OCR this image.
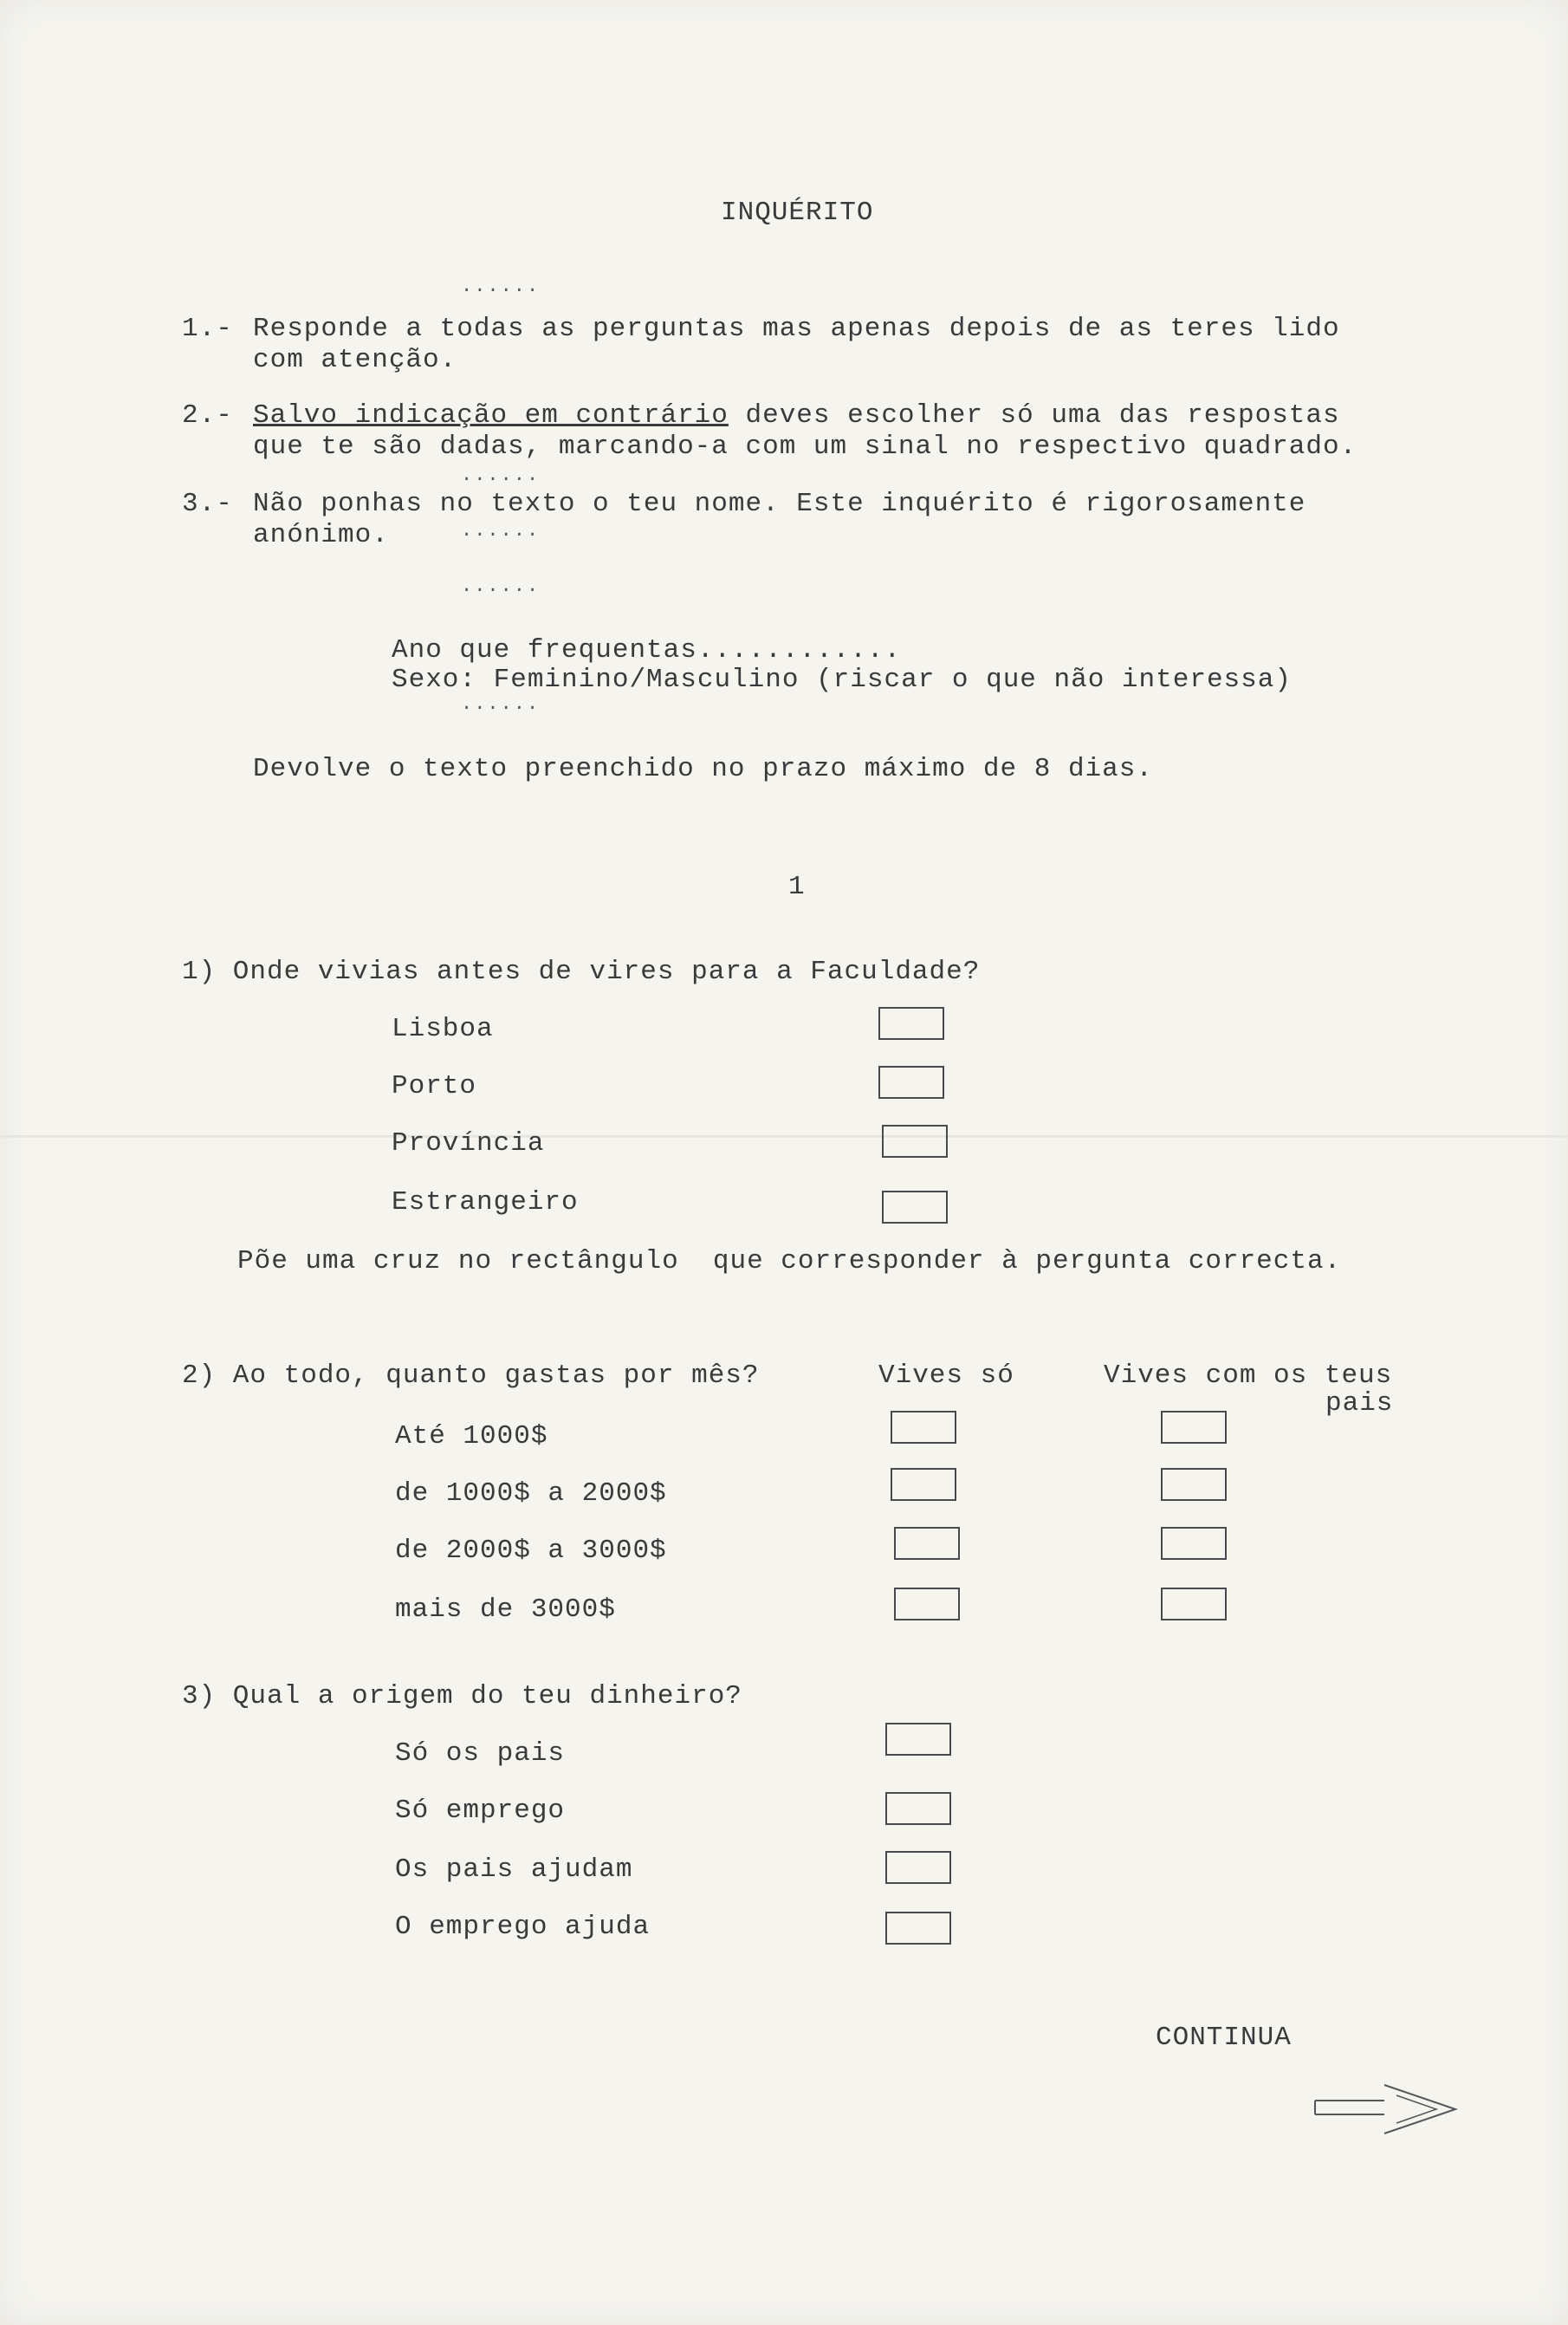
INQUÉRITO
......
1.- Responde a todas as perguntas mas apenas depois de as teres lido
com atenção.
2.- Salvo indicação em contrário deves escolher só uma das respostas
que te são dadas, marcando-a com um sinal no respectivo quadrado.
......
3.- Não ponhas no texto o teu nome. Este inquérito é rigorosamente
anónimo.	......
......
Ano que frequentas............
Sexo: Feminino/Masculino (riscar o que não interessa)
......
Devolve o texto preenchido no prazo máximo de 8 dias.
1
1) Onde vivias antes de vires para a Faculdade?
Lisboa
Porto
Província
Estrangeiro
Põe uma cruz no rectângulo  que corresponder à pergunta correcta.
2) Ao todo, quanto gastas por mês?	Vives só	Vives com os teus
pais
Até 1000$
de 1000$ a 2000$
de 2000$ a 3000$
mais de 3000$
3) Qual a origem do teu dinheiro?
Só os pais
Só emprego
Os pais ajudam
O emprego ajuda
CONTINUA
